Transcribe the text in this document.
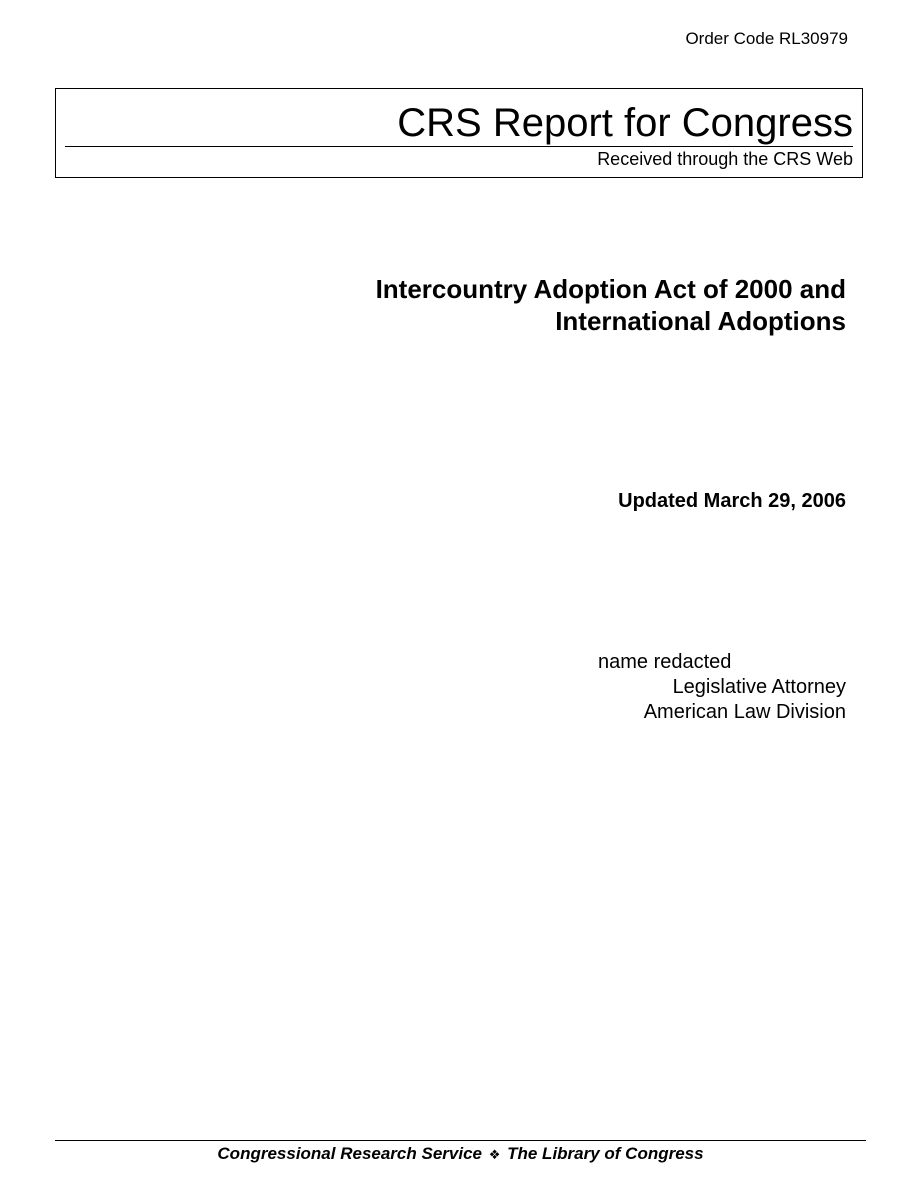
Order Code RL30979
CRS Report for Congress
Received through the CRS Web
Intercountry Adoption Act of 2000 and
International Adoptions
Updated March 29, 2006
name redacted
Legislative Attorney
American Law Division
Congressional Research Service ❖ The Library of Congress
